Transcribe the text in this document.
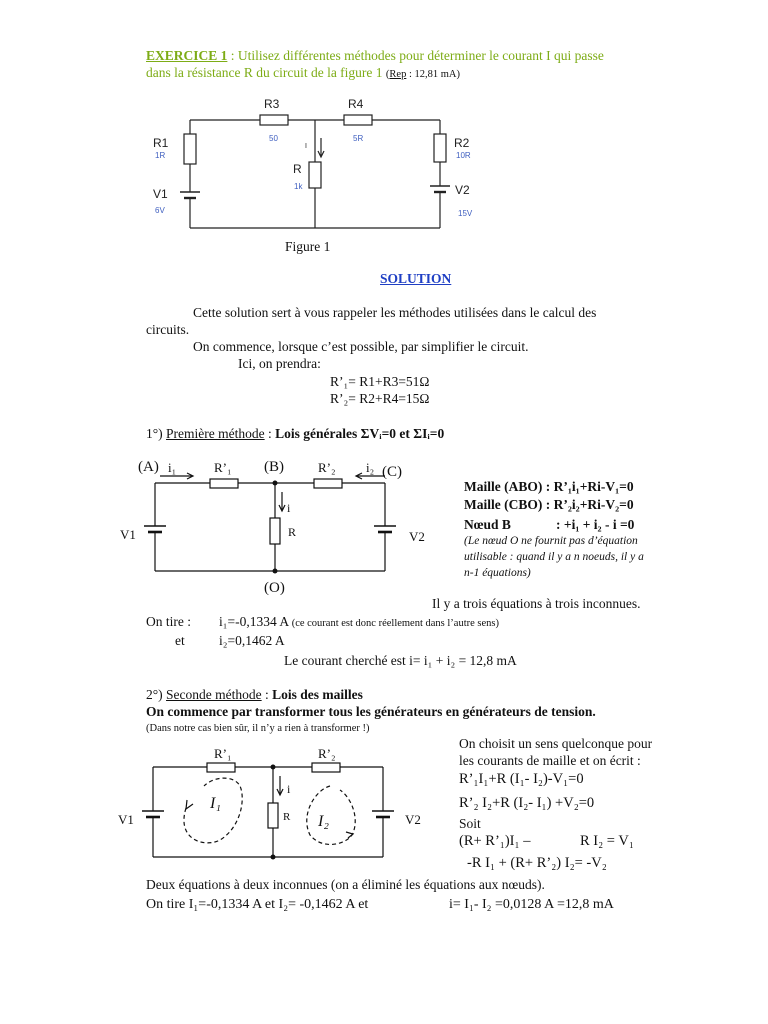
EXERCICE 1 : Utilisez différentes méthodes pour déterminer le courant I qui passe
dans la résistance R du circuit de la figure 1 (Rep : 12,81 mA)
R3
50
R4
5R
R1
1R
V1
6V
R
1k
I	R2
10R
V2
15V
Figure 1
SOLUTION
Cette solution sert à vous rappeler les méthodes utilisées dans le calcul des
circuits.
On commence, lorsque c’est possible, par simplifier le circuit.
Ici, on prendra:
R’₁= R1+R3=51Ω
R’₂= R2+R4=15Ω
1°) Première méthode : Lois générales ΣVᵢ=0 et ΣIᵢ=0
(A) i₁	R’₁ (B)	R’₂ i₂ (C)
i
R
V1	V2
(O)
Maille (ABO) : R’₁i₁+Ri-V₁=0
Maille (CBO) : R’₂i₂+Ri-V₂=0
Nœud B	: +i₁ + i₂ - i =0
(Le nœud O ne fournit pas d’équation
utilisable : quand il y a n noeuds, il y a
n-1 équations)
Il y a trois équations à trois inconnues.
On tire : i₁=-0,1334 A (ce courant est donc réellement dans l’autre sens)
et	i₂=0,1462 A
Le courant cherché est i= i₁ + i₂ = 12,8 mA
2°) Seconde méthode : Lois des mailles
On commence par transformer tous les générateurs en générateurs de tension.
(Dans notre cas bien sûr, il n’y a rien à transformer !)
R’₁	R’₂
i
R
I₁
I₂
V1	V2
On choisit un sens quelconque pour
les courants de maille et on écrit :
R’₁I₁+R (I₁- I₂)-V₁=0
R’₂ I₂+R (I₂- I₁) +V₂=0
Soit
(R+ R’₁)I₁ –	R I₂ = V₁
-R I₁ + (R+ R’₂) I₂= -V₂
Deux équations à deux inconnues (on a éliminé les équations aux nœuds).
On tire I₁=-0,1334 A et I₂= -0,1462 A et	i= I₁- I₂ =0,0128 A =12,8 mA
